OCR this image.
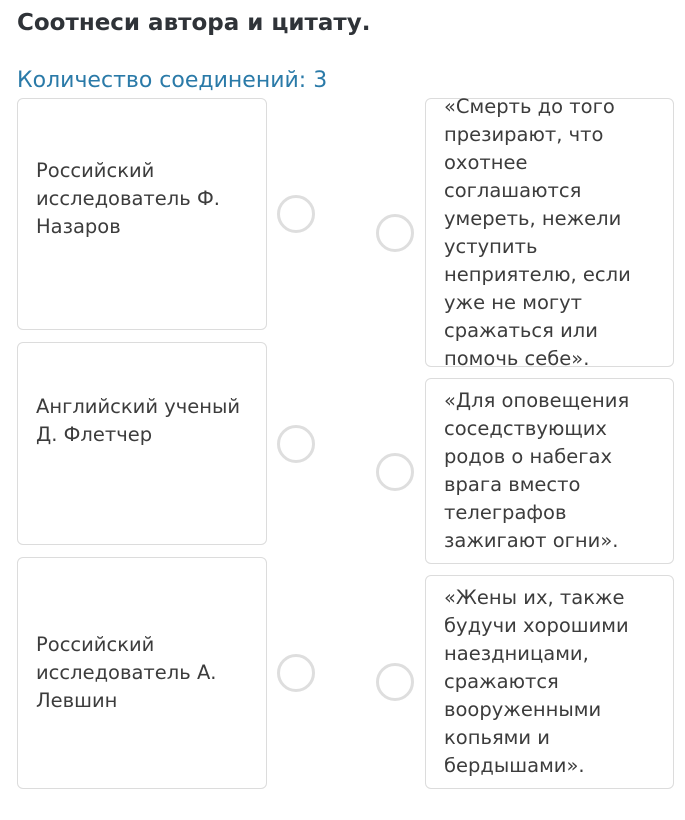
Соотнеси автора и цитату.
Количество соединений: 3
Российский исследователь Ф. Назаров
Английский ученый Д. Флетчер
Российский исследователь А. Левшин
«Смерть до того презирают, что охотнее соглашаются умереть, нежели уступить неприятелю, если уже не могут сражаться или помочь себе».
«Для оповещения соседствующих родов о набегах врага вместо телеграфов зажигают огни».
«Жены их, также будучи хорошими наездницами, сражаются вооруженными копьями и бердышами».
